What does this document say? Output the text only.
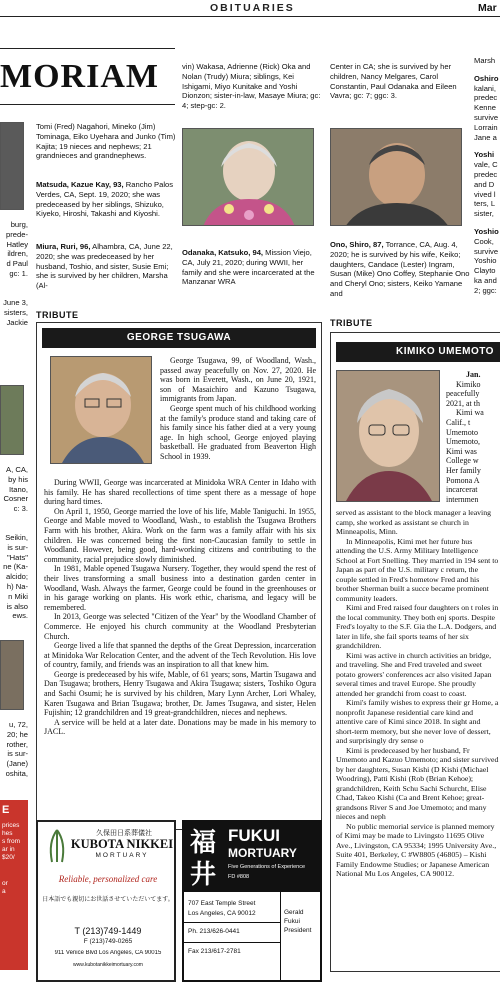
OBITUARIES	Mar
MORIAM
burg,
prede-
Hatley
ildren,
d Paul
gc: 1.
June 3,
sisters,
Jackie
A, CA,
by his
Itano,
Cosner
c: 3.
Seikin,
is sur-
"Hats"
ne (Ka-
alcido;
h) Na-
n Miki
is also
ews.
u, 72,
20; he
rother,
is sur-
(Jane)
oshita,
E
prices
hes
s from
ar in
$20/
or
a
Tomi (Fred) Nagahori, Mineko (Jim) Tominaga, Eiko Uyehara and Junko (Tim) Kajita; 19 nieces and nephews; 21 grandnieces and grandnephews.
Matsuda, Kazue Kay, 93, Rancho Palos Verdes, CA, Sept. 19, 2020; she was predeceased by her siblings, Shizuko, Kiyeko, Hiroshi, Takashi and Kiyoshi.
Miura, Ruri, 96, Alhambra, CA, June 22, 2020; she was predeceased by her husband, Toshio, and sister, Susie Emi; she is survived by her children, Marsha (Al-
vin) Wakasa, Adrienne (Rick) Oka and Nolan (Trudy) Miura; siblings, Kei Ishigami, Miyo Kunitake and Yoshi Dionzon; sister-in-law, Masaye Miura; gc: 4; step-gc: 2.
Odanaka, Katsuko, 94, Mission Viejo, CA, July 21, 2020; during WWII, her family and she were incarcerated at the Manzanar WRA
Center in CA; she is survived by her children, Nancy Melgares, Carol Constantin, Paul Odanaka and Eileen Vavra; gc: 7; ggc: 3.
Ono, Shiro, 87, Torrance, CA, Aug. 4, 2020; he is survived by his wife, Keiko; daughters, Candace (Lester) Ingram, Susan (Mike) Ono Coffey, Stephanie Ono and Cheryl Ono; sisters, Keiko Yamane and
Marsh
Oshiro
kalani,
predec
Kenne
survive
Lorrain
Jane a
Yoshi
vale, C
predec
and D
vived l
ters, L
sister,
Yoshio
Cook,
survive
Yoshio
Clayto
ka and
2; ggc:
TRIBUTE
GEORGE TSUGAWA

George Tsugawa, 99, of Woodland, Wash., passed away peacefully on Nov. 27, 2020. He was born in Everett, Wash., on June 20, 1921, son of Masaichiro and Kazuno Tsugawa, immigrants from Japan.

George spent much of his childhood working at the family's produce stand and taking care of his family since his father died at a very young age. In high school, George enjoyed playing basketball. He graduated from Beaverton High School in 1939.

During WWII, George was incarcerated at Minidoka WRA Center in Idaho with his family. He has shared recollections of time spent there as a message of hope during hard times.

On April 1, 1950, George married the love of his life, Mable Taniguchi. In 1955, George and Mable moved to Woodland, Wash., to establish the Tsugawa Brothers Farm with his brother, Akira. Work on the farm was a family affair with his six children. He was concerned being the first non-Caucasian family to settle in Woodland. However, being good, hard-working citizens and contributing to the community, racial prejudice slowly diminished.

In 1981, Mable opened Tsugawa Nursery. Together, they would spend the rest of their lives transforming a small business into a destination garden center in Woodland, Wash. Always the farmer, George could be found in the greenhouses or in his garage working on plants. His work ethic, charisma, and legacy will be remembered.

In 2013, George was selected "Citizen of the Year" by the Woodland Chamber of Commerce. He enjoyed his church community at the Woodland Presbyterian Church.

George lived a life that spanned the depths of the Great Depression, incarceration at Minidoka War Relocation Center, and the advent of the Tech Revolution. His love of country, family, and friends was an inspiration to all that knew him.

George is predeceased by his wife, Mable, of 61 years; sons, Martin Tsugawa and Dan Tsugawa; brothers, Henry Tsugawa and Akira Tsugawa; sisters, Toshiko Ogura and Sachi Osumi; he is survived by his children, Mary Lynn Archer, Lori Whaley, Karen Tsugawa and Brian Tsugawa; brother, Dr. James Tsugawa, and sister, Helen Fujishin; 12 grandchildren and 19 great-grandchildren, nieces and nephews.

A service will be held at a later date. Donations may be made in his memory to JACL.

TRIBUTE
KIMIKO UMEMOTO
Jan.
Kimiko
peacefully
2021, at th
Kimi wa
Calif., t
Umemoto
Umemoto,
Kimi was
College w
Her family
Pomona A
incarcerat
internmen

served as assistant to the block manager a leaving camp, she worked as assistant se church in Minneapolis, Minn.

In Minneapolis, Kimi met her future hus attending the U.S. Army Military Intelligence School at Fort Snelling. They married in 194 sent to Japan as part of the U.S. military c return, the couple settled in Fred's hometow Fred and his brother Sherman built a succe became prominent community leaders.

Kimi and Fred raised four daughters on t roles in the local community. They both enj sports. Despite Fred's loyalty to the S.F. Gia the L.A. Dodgers, and later in life, she fail sports teams of her six grandchildren.

Kimi was active in church activities an bridge, and traveling. She and Fred traveled and sweet potato growers' conferences acr also visited Japan several times and travel Europe. She proudly attended her grandchi from coast to coast.

Kimi's family wishes to express their gr Home, a nonprofit Japanese residential care kind and attentive care of Kimi since 2018. In sight and short-term memory, but she never love of dessert, and surprisingly dry sense o

Kimi is predeceased by her husband, Fr Umemoto and Kazuo Umemoto; and sister survived by her daughters, Susan Kishi (D Kishi (Michael Woodring), Patti Kishi (Rob (Brian Kehoe); grandchildren, Keith Schu Sachi Schurcht, Elise Chad, Takeo Kishi (Ca and Brent Kehoe; great-grandsons River S and Joe Umemoto; and many nieces and neph

No public memorial service is planned memory of Kimi may be made to Livingsto 11695 Olive Ave., Livingston, CA 95334; 1995 University Ave., Suite 401, Berkeley, C #W8805 (46805) – Kishi Family Endowme Studies; or Japanese American National Mu Los Angeles, CA 90012.

久保田日系葬儀社
KUBOTA NIKKEI
MORTUARY
Reliable, personalized care
日本語でも親切にお世話させていただいてます。
T (213)749-1449
F (213)749-0265
911 Venice Blvd Los Angeles, CA 90015
www.kubotanikkeimortuary.com
福
井
FUKUI
MORTUARY
Five Generations of Experience
FD #808
707 East Temple Street
Los Angeles, CA 90012
Ph. 213/626-0441
Fax 213/617-2781
Gerald
Fukui
President
